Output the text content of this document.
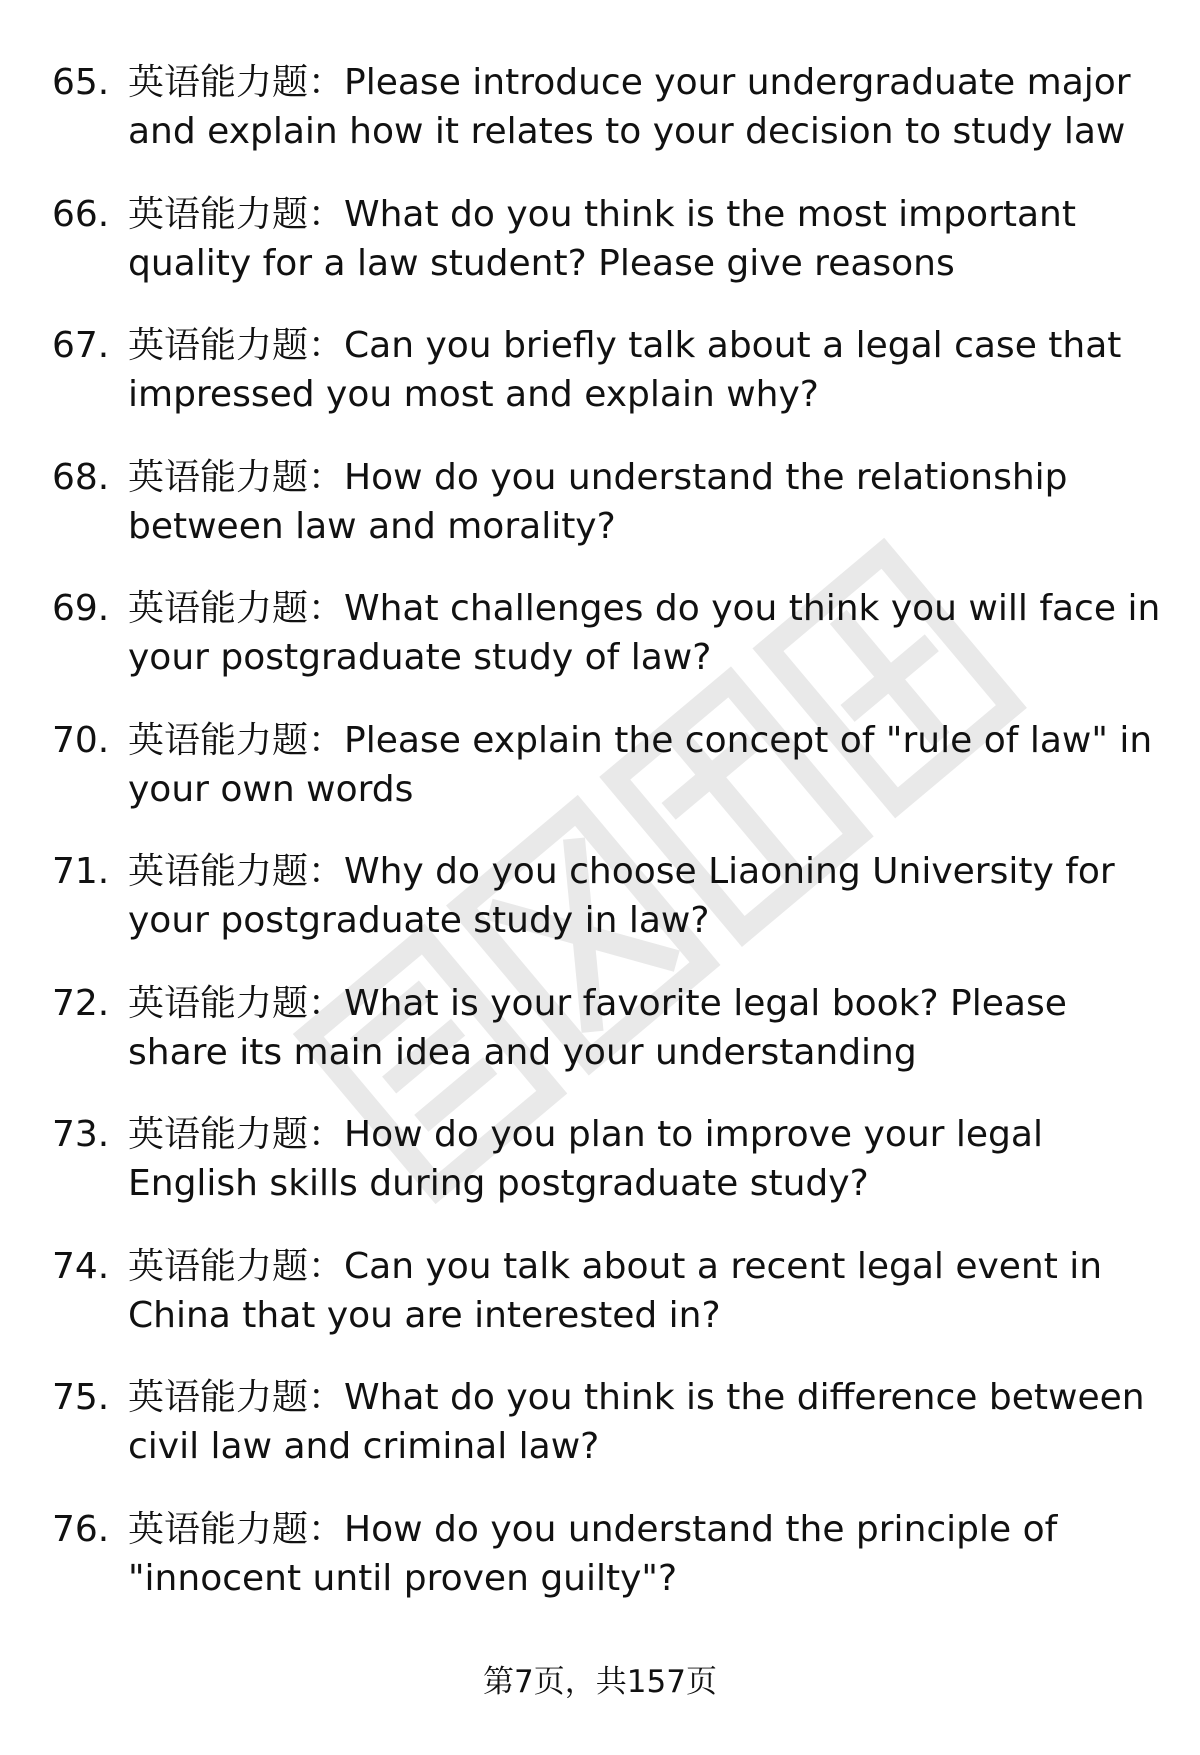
65. 英语能力题：Please introduce your undergraduate major and explain how it relates to your decision to study law
66. 英语能力题：What do you think is the most important quality for a law student? Please give reasons
67. 英语能力题：Can you briefly talk about a legal case that impressed you most and explain why?
68. 英语能力题：How do you understand the relationship between law and morality?
69. 英语能力题：What challenges do you think you will face in your postgraduate study of law?
70. 英语能力题：Please explain the concept of "rule of law" in your own words
71. 英语能力题：Why do you choose Liaoning University for your postgraduate study in law?
72. 英语能力题：What is your favorite legal book? Please share its main idea and your understanding
73. 英语能力题：How do you plan to improve your legal English skills during postgraduate study?
74. 英语能力题：Can you talk about a recent legal event in China that you are interested in?
75. 英语能力题：What do you think is the difference between civil law and criminal law?
76. 英语能力题：How do you understand the principle of "innocent until proven guilty"?
第7页，共157页
